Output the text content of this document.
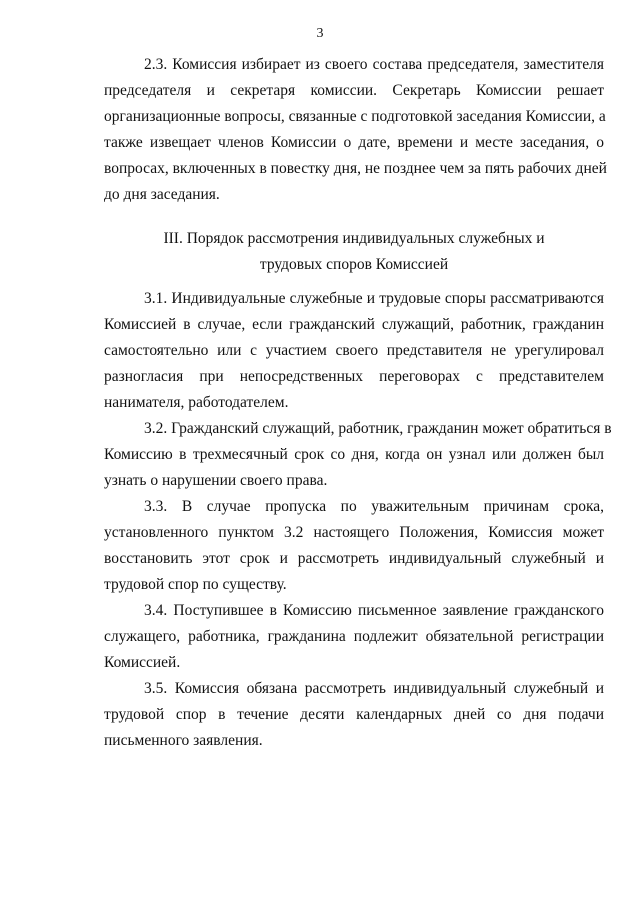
3

2.3. Комиссия избирает из своего состава председателя, заместителя
председателя и секретаря комиссии. Секретарь Комиссии решает
организационные вопросы, связанные с подготовкой заседания Комиссии, а
также извещает членов Комиссии о дате, времени и месте заседания, о
вопросах, включенных в повестку дня, не позднее чем за пять рабочих дней
до дня заседания.

III. Порядок рассмотрения индивидуальных служебных и
трудовых споров Комиссией

3.1. Индивидуальные служебные и трудовые споры рассматриваются
Комиссией в случае, если гражданский служащий, работник, гражданин
самостоятельно или с участием своего представителя не урегулировал
разногласия при непосредственных переговорах с представителем
нанимателя, работодателем.

3.2. Гражданский служащий, работник, гражданин может обратиться в
Комиссию в трехмесячный срок со дня, когда он узнал или должен был
узнать о нарушении своего права.

3.3. В случае пропуска по уважительным причинам срока,
установленного пунктом 3.2 настоящего Положения, Комиссия может
восстановить этот срок и рассмотреть индивидуальный служебный и
трудовой спор по существу.

3.4. Поступившее в Комиссию письменное заявление гражданского
служащего, работника, гражданина подлежит обязательной регистрации
Комиссией.

3.5. Комиссия обязана рассмотреть индивидуальный служебный и
трудовой спор в течение десяти календарных дней со дня подачи
письменного заявления.
